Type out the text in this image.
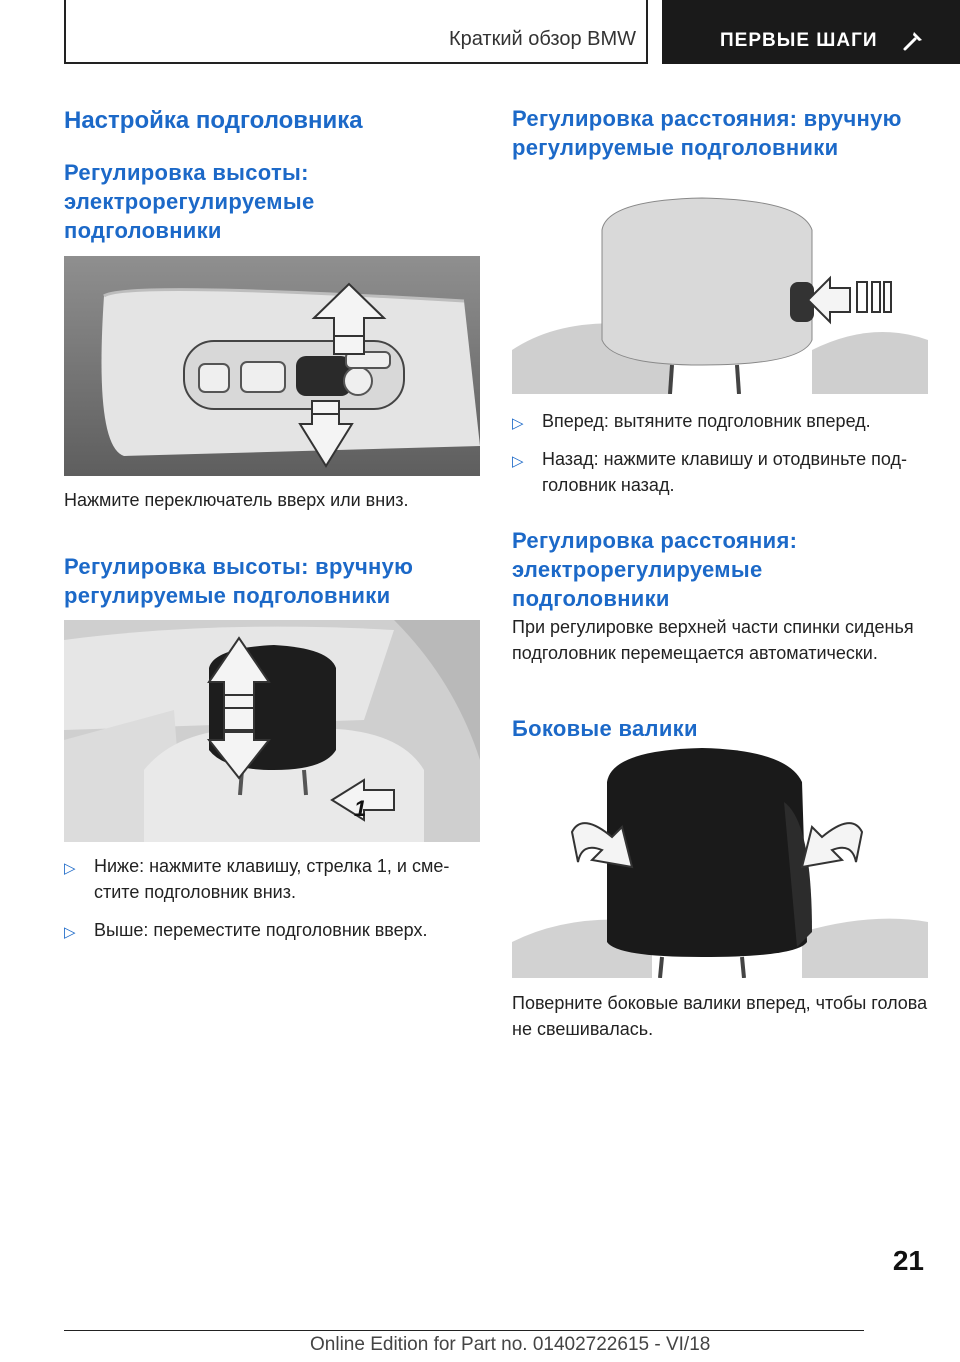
Краткий обзор BMW	ПЕРВЫЕ ШАГИ
Настройка подголовника
Регулировка высоты: электрорегулируемые подголовники
Нажмите переключатель вверх или вниз.
Регулировка высоты: вручную регулируемые подголовники
1
▷ Ниже: нажмите клавишу, стрелка 1, и сместите подголовник вниз.
▷ Выше: переместите подголовник вверх.
Регулировка расстояния: вручную регулируемые подголовники
▷ Вперед: вытяните подголовник вперед.
▷ Назад: нажмите клавишу и отодвиньте подголовник назад.
Регулировка расстояния: электрорегулируемые подголовники
При регулировке верхней части спинки сиденья подголовник перемещается автоматически.
Боковые валики
Поверните боковые валики вперед, чтобы голова не свешивалась.
21
Online Edition for Part no. 01402722615 - VI/18
